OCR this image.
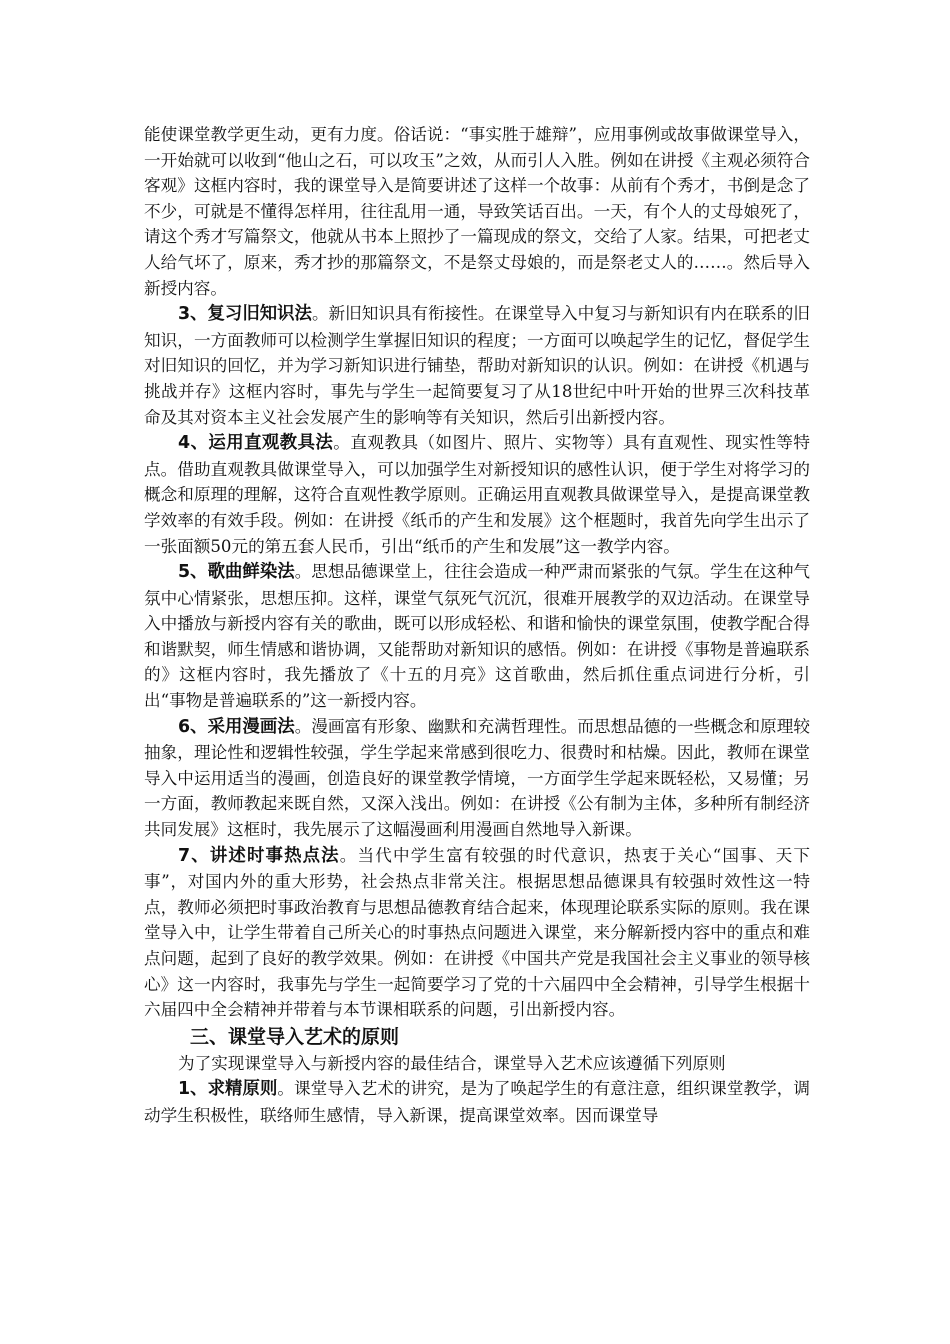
能使课堂教学更生动，更有力度。俗话说：“事实胜于雄辩”，应用事例或故事做课堂导入，一开始就可以收到“他山之石，可以攻玉”之效，从而引人入胜。例如在讲授《主观必须符合客观》这框内容时，我的课堂导入是简要讲述了这样一个故事：从前有个秀才，书倒是念了不少，可就是不懂得怎样用，往往乱用一通，导致笑话百出。一天，有个人的丈母娘死了，请这个秀才写篇祭文，他就从书本上照抄了一篇现成的祭文，交给了人家。结果，可把老丈人给气坏了，原来，秀才抄的那篇祭文，不是祭丈母娘的，而是祭老丈人的……。然后导入新授内容。

3、复习旧知识法。新旧知识具有衔接性。在课堂导入中复习与新知识有内在联系的旧知识，一方面教师可以检测学生掌握旧知识的程度；一方面可以唤起学生的记忆，督促学生对旧知识的回忆，并为学习新知识进行铺垫，帮助对新知识的认识。例如：在讲授《机遇与挑战并存》这框内容时，事先与学生一起简要复习了从18世纪中叶开始的世界三次科技革命及其对资本主义社会发展产生的影响等有关知识，然后引出新授内容。

4、运用直观教具法。直观教具（如图片、照片、实物等）具有直观性、现实性等特点。借助直观教具做课堂导入，可以加强学生对新授知识的感性认识，便于学生对将学习的概念和原理的理解，这符合直观性教学原则。正确运用直观教具做课堂导入，是提高课堂教学效率的有效手段。例如：在讲授《纸币的产生和发展》这个框题时，我首先向学生出示了一张面额50元的第五套人民币，引出“纸币的产生和发展”这一教学内容。

5、歌曲鲜染法。思想品德课堂上，往往会造成一种严肃而紧张的气氛。学生在这种气氛中心情紧张，思想压抑。这样，课堂气氛死气沉沉，很难开展教学的双边活动。在课堂导入中播放与新授内容有关的歌曲，既可以形成轻松、和谐和愉快的课堂氛围，使教学配合得和谐默契，师生情感和谐协调，又能帮助对新知识的感悟。例如：在讲授《事物是普遍联系的》这框内容时，我先播放了《十五的月亮》这首歌曲，然后抓住重点词进行分析，引出“事物是普遍联系的”这一新授内容。

6、采用漫画法。漫画富有形象、幽默和充满哲理性。而思想品德的一些概念和原理较抽象，理论性和逻辑性较强，学生学起来常感到很吃力、很费时和枯燥。因此，教师在课堂导入中运用适当的漫画，创造良好的课堂教学情境，一方面学生学起来既轻松，又易懂；另一方面，教师教起来既自然，又深入浅出。例如：在讲授《公有制为主体，多种所有制经济共同发展》这框时，我先展示了这幅漫画利用漫画自然地导入新课。

7、讲述时事热点法。当代中学生富有较强的时代意识，热衷于关心“国事、天下事”，对国内外的重大形势，社会热点非常关注。根据思想品德课具有较强时效性这一特点，教师必须把时事政治教育与思想品德教育结合起来，体现理论联系实际的原则。我在课堂导入中，让学生带着自己所关心的时事热点问题进入课堂，来分解新授内容中的重点和难点问题，起到了良好的教学效果。例如：在讲授《中国共产党是我国社会主义事业的领导核心》这一内容时，我事先与学生一起简要学习了党的十六届四中全会精神，引导学生根据十六届四中全会精神并带着与本节课相联系的问题，引出新授内容。

三、课堂导入艺术的原则

为了实现课堂导入与新授内容的最佳结合，课堂导入艺术应该遵循下列原则

1、求精原则。课堂导入艺术的讲究，是为了唤起学生的有意注意，组织课堂教学，调动学生积极性，联络师生感情，导入新课，提高课堂效率。因而课堂导
